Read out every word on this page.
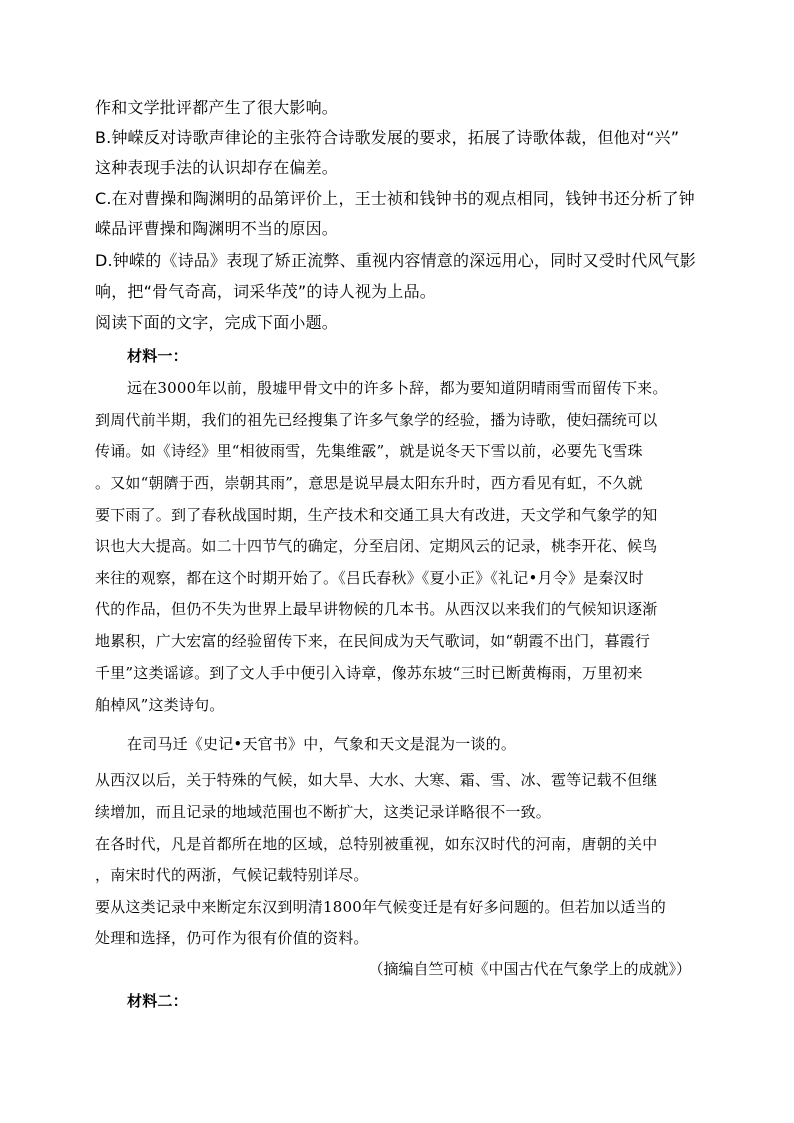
作和文学批评都产生了很大影响。
B.钟嵘反对诗歌声律论的主张符合诗歌发展的要求，拓展了诗歌体裁，但他对“兴”
这种表现手法的认识却存在偏差。
C.在对曹操和陶渊明的品第评价上，王士祯和钱钟书的观点相同，钱钟书还分析了钟
嵘品评曹操和陶渊明不当的原因。
D.钟嵘的《诗品》表现了矫正流弊、重视内容情意的深远用心，同时又受时代风气影
响，把“骨气奇高，词采华茂”的诗人视为上品。
阅读下面的文字，完成下面小题。
材料一：
远在3000年以前，殷墟甲骨文中的许多卜辞，都为要知道阴晴雨雪而留传下来。
到周代前半期，我们的祖先已经搜集了许多气象学的经验，播为诗歌，使妇孺统可以
传诵。如《诗经》里“相彼雨雪，先集维霰”，就是说冬天下雪以前，必要先飞雪珠
。又如“朝隮于西，崇朝其雨”，意思是说早晨太阳东升时，西方看见有虹，不久就
要下雨了。到了春秋战国时期，生产技术和交通工具大有改进，天文学和气象学的知
识也大大提高。如二十四节气的确定，分至启闭、定期风云的记录，桃李开花、候鸟
来往的观察，都在这个时期开始了。《吕氏春秋》《夏小正》《礼记•月令》是秦汉时
代的作品，但仍不失为世界上最早讲物候的几本书。从西汉以来我们的气候知识逐渐
地累积，广大宏富的经验留传下来，在民间成为天气歌词，如“朝霞不出门，暮霞行
千里”这类谣谚。到了文人手中便引入诗章，像苏东坡“三时已断黄梅雨，万里初来
舶棹风”这类诗句。
在司马迁《史记•天官书》中，气象和天文是混为一谈的。
从西汉以后，关于特殊的气候，如大旱、大水、大寒、霜、雪、冰、雹等记载不但继
续增加，而且记录的地域范围也不断扩大，这类记录详略很不一致。
在各时代，凡是首都所在地的区域，总特别被重视，如东汉时代的河南，唐朝的关中
，南宋时代的两浙，气候记载特别详尽。
要从这类记录中来断定东汉到明清1800年气候变迁是有好多问题的。但若加以适当的
处理和选择，仍可作为很有价值的资料。
（摘编自竺可桢《中国古代在气象学上的成就》）
材料二：
